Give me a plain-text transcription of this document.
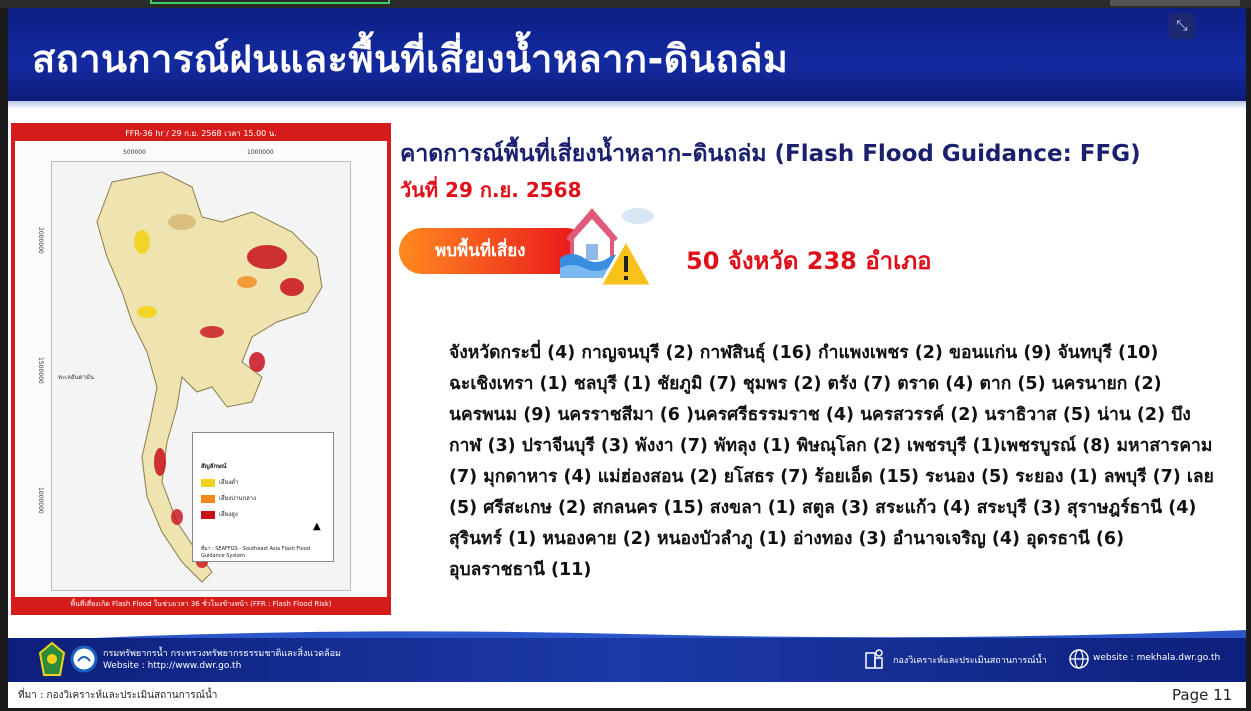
สถานการณ์ฝนและพื้นที่เสี่ยงน้ำหลาก-ดินถล่ม
⤡
FFR-36 hr / 29 ก.ย. 2568 เวลา 15.00 น.
500000	1000000
2000000
1500000
1000000
ทะเลอันดามัน
สัญลักษณ์
เสี่ยงต่ำ
เสี่ยงปานกลาง
เสี่ยงสูง
ที่มา : SEAFFGS - Southeast Asia Flash Flood Guidance System
▲
พื้นที่เสี่ยงเกิด Flash Flood ในช่วงเวลา 36 ชั่วโมงข้างหน้า (FFR : Flash Flood Risk)
คาดการณ์พื้นที่เสี่ยงน้ำหลาก–ดินถล่ม (Flash Flood Guidance: FFG)
วันที่ 29 ก.ย. 2568
พบพื้นที่เสี่ยง	50 จังหวัด 238 อำเภอ
จังหวัดกระบี่ (4) กาญจนบุรี (2) กาฬสินธุ์ (16) กำแพงเพชร (2) ขอนแก่น (9) จันทบุรี (10)
ฉะเชิงเทรา (1) ชลบุรี (1) ชัยภูมิ (7) ชุมพร (2) ตรัง (7) ตราด (4) ตาก (5) นครนายก (2)
นครพนม (9) นครราชสีมา (6 )นครศรีธรรมราช (4) นครสวรรค์ (2) นราธิวาส (5) น่าน (2) บึง
กาฬ (3) ปราจีนบุรี (3) พังงา (7) พัทลุง (1) พิษณุโลก (2) เพชรบุรี (1)เพชรบูรณ์ (8) มหาสารคาม
(7) มุกดาหาร (4) แม่ฮ่องสอน (2) ยโสธร (7) ร้อยเอ็ด (15) ระนอง (5) ระยอง (1) ลพบุรี (7) เลย
(5) ศรีสะเกษ (2) สกลนคร (15) สงขลา (1) สตูล (3) สระแก้ว (4) สระบุรี (3) สุราษฎร์ธานี (4)
สุรินทร์ (1) หนองคาย (2) หนองบัวลำภู (1) อ่างทอง (3) อำนาจเจริญ (4) อุดรธานี (6)
อุบลราชธานี (11)
กรมทรัพยากรน้ำ กระทรวงทรัพยากรธรรมชาติและสิ่งแวดล้อม
Website : http://www.dwr.go.th	กองวิเคราะห์และประเมินสถานการณ์น้ำ	website : mekhala.dwr.go.th
ที่มา : กองวิเคราะห์และประเมินสถานการณ์น้ำ	Page 11
